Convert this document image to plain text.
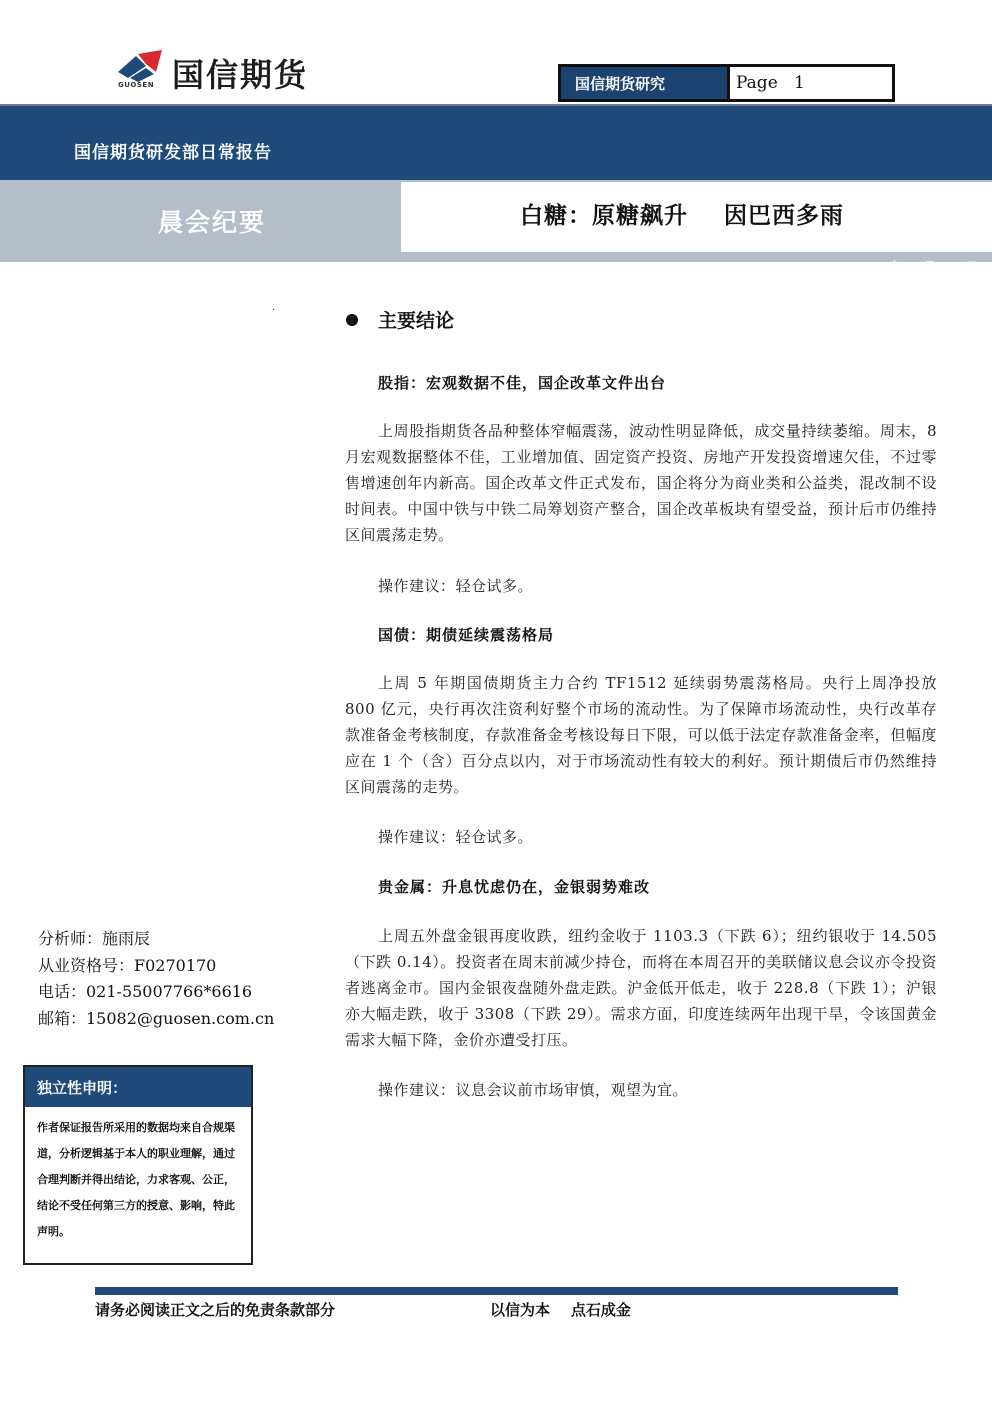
国信期货
GUOSEN	国信期货研究	Page   1
国信期货研发部日常报告
晨会纪要	白糖：原糖飙升    因巴西多雨
2015 年 9 月 14 日
.
主要结论
股指：宏观数据不佳，国企改革文件出台
上周股指期货各品种整体窄幅震荡，波动性明显降低，成交量持续萎缩。周末，8 月宏观数据整体不佳，工业增加值、固定资产投资、房地产开发投资增速欠佳，不过零售增速创年内新高。国企改革文件正式发布，国企将分为商业类和公益类，混改制不设时间表。中国中铁与中铁二局筹划资产整合，国企改革板块有望受益，预计后市仍维持区间震荡走势。
操作建议：轻仓试多。
国债：期债延续震荡格局
上周 5 年期国债期货主力合约 TF1512 延续弱势震荡格局。央行上周净投放 800 亿元，央行再次注资利好整个市场的流动性。为了保障市场流动性，央行改革存款准备金考核制度，存款准备金考核设每日下限，可以低于法定存款准备金率，但幅度应在 1 个（含）百分点以内，对于市场流动性有较大的利好。预计期债后市仍然维持区间震荡的走势。
操作建议：轻仓试多。
贵金属：升息忧虑仍在，金银弱势难改
上周五外盘金银再度收跌，纽约金收于 1103.3（下跌 6）；纽约银收于 14.505（下跌 0.14）。投资者在周末前减少持仓，而将在本周召开的美联储议息会议亦令投资者逃离金市。国内金银夜盘随外盘走跌。沪金低开低走，收于 228.8（下跌 1）；沪银亦大幅走跌，收于 3308（下跌 29）。需求方面，印度连续两年出现干旱，令该国黄金需求大幅下降，金价亦遭受打压。
操作建议：议息会议前市场审慎，观望为宜。
分析师：施雨辰
从业资格号：F0270170
电话：021-55007766*6616
邮箱：15082@guosen.com.cn
独立性申明：
作者保证报告所采用的数据均来自合规渠道，分析逻辑基于本人的职业理解，通过合理判断并得出结论，力求客观、公正，结论不受任何第三方的授意、影响，特此声明。
请务必阅读正文之后的免责条款部分	以信为本    点石成金
